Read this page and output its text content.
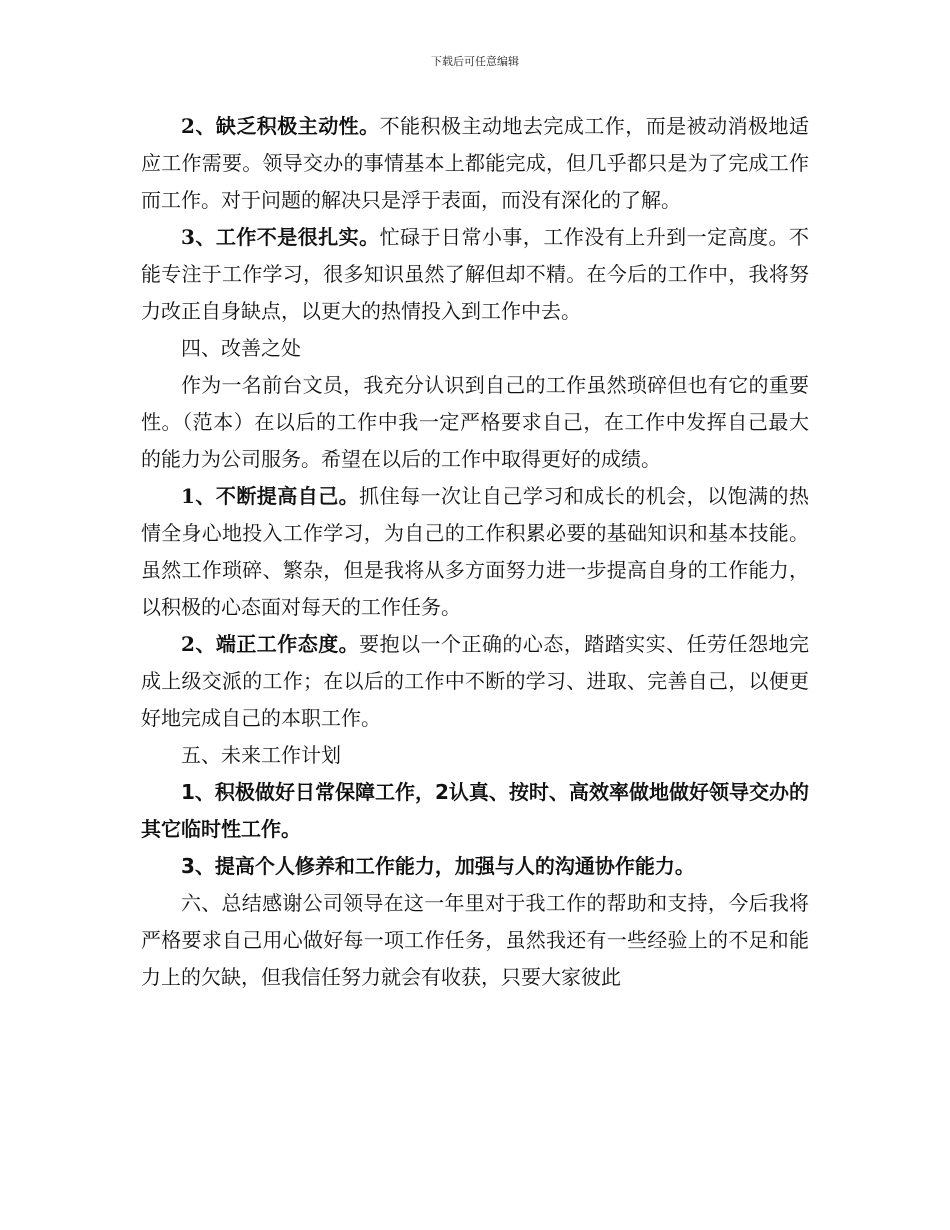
下载后可任意编辑

2、缺乏积极主动性。不能积极主动地去完成工作，而是被动消极地适应工作需要。领导交办的事情基本上都能完成，但几乎都只是为了完成工作而工作。对于问题的解决只是浮于表面，而没有深化的了解。

3、工作不是很扎实。忙碌于日常小事，工作没有上升到一定高度。不能专注于工作学习，很多知识虽然了解但却不精。在今后的工作中，我将努力改正自身缺点，以更大的热情投入到工作中去。

四、改善之处

作为一名前台文员，我充分认识到自己的工作虽然琐碎但也有它的重要性。（范本）在以后的工作中我一定严格要求自己，在工作中发挥自己最大的能力为公司服务。希望在以后的工作中取得更好的成绩。

1、不断提高自己。抓住每一次让自己学习和成长的机会，以饱满的热情全身心地投入工作学习，为自己的工作积累必要的基础知识和基本技能。虽然工作琐碎、繁杂，但是我将从多方面努力进一步提高自身的工作能力，以积极的心态面对每天的工作任务。

2、端正工作态度。要抱以一个正确的心态，踏踏实实、任劳任怨地完成上级交派的工作；在以后的工作中不断的学习、进取、完善自己，以便更好地完成自己的本职工作。

五、未来工作计划

1、积极做好日常保障工作，2认真、按时、高效率做地做好领导交办的其它临时性工作。

3、提高个人修养和工作能力，加强与人的沟通协作能力。

六、总结感谢公司领导在这一年里对于我工作的帮助和支持，今后我将严格要求自己用心做好每一项工作任务，虽然我还有一些经验上的不足和能力上的欠缺，但我信任努力就会有收获，只要大家彼此
